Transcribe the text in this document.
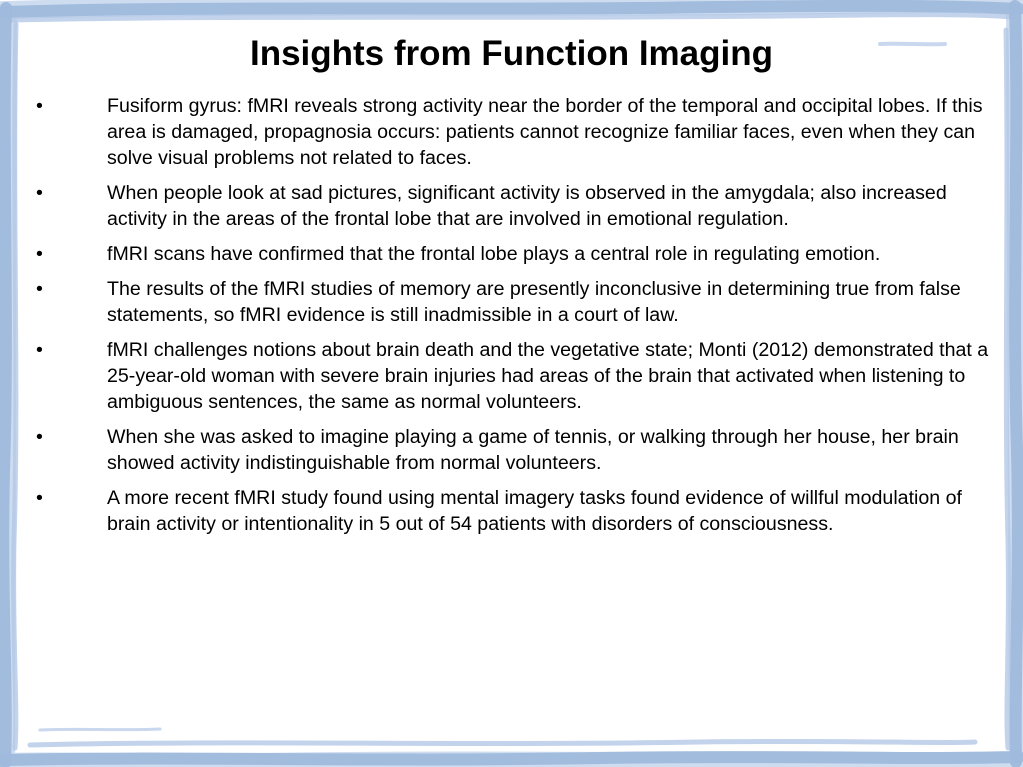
Insights from Function Imaging
•	Fusiform gyrus: fMRI reveals strong activity near the border of the temporal and occipital lobes. If this area is damaged, propagnosia occurs: patients cannot recognize familiar faces, even when they can solve visual problems not related to faces.
•	When people look at sad pictures, significant activity is observed in the amygdala; also increased activity in the areas of the frontal lobe that are involved in emotional regulation.
•	fMRI scans have confirmed that the frontal lobe plays a central role in regulating emotion.
•	The results of the fMRI studies of memory are presently inconclusive in determining true from false statements, so fMRI evidence is still inadmissible in a court of law.
•	fMRI challenges notions about brain death and the vegetative state; Monti (2012) demonstrated that a 25-year-old woman with severe brain injuries had areas of the brain that activated when listening to ambiguous sentences, the same as normal volunteers.
•	When she was asked to imagine playing a game of tennis, or walking through her house, her brain showed activity indistinguishable from normal volunteers.
•	A more recent fMRI study found using mental imagery tasks found evidence of willful modulation of brain activity or intentionality in 5 out of 54 patients with disorders of consciousness.
